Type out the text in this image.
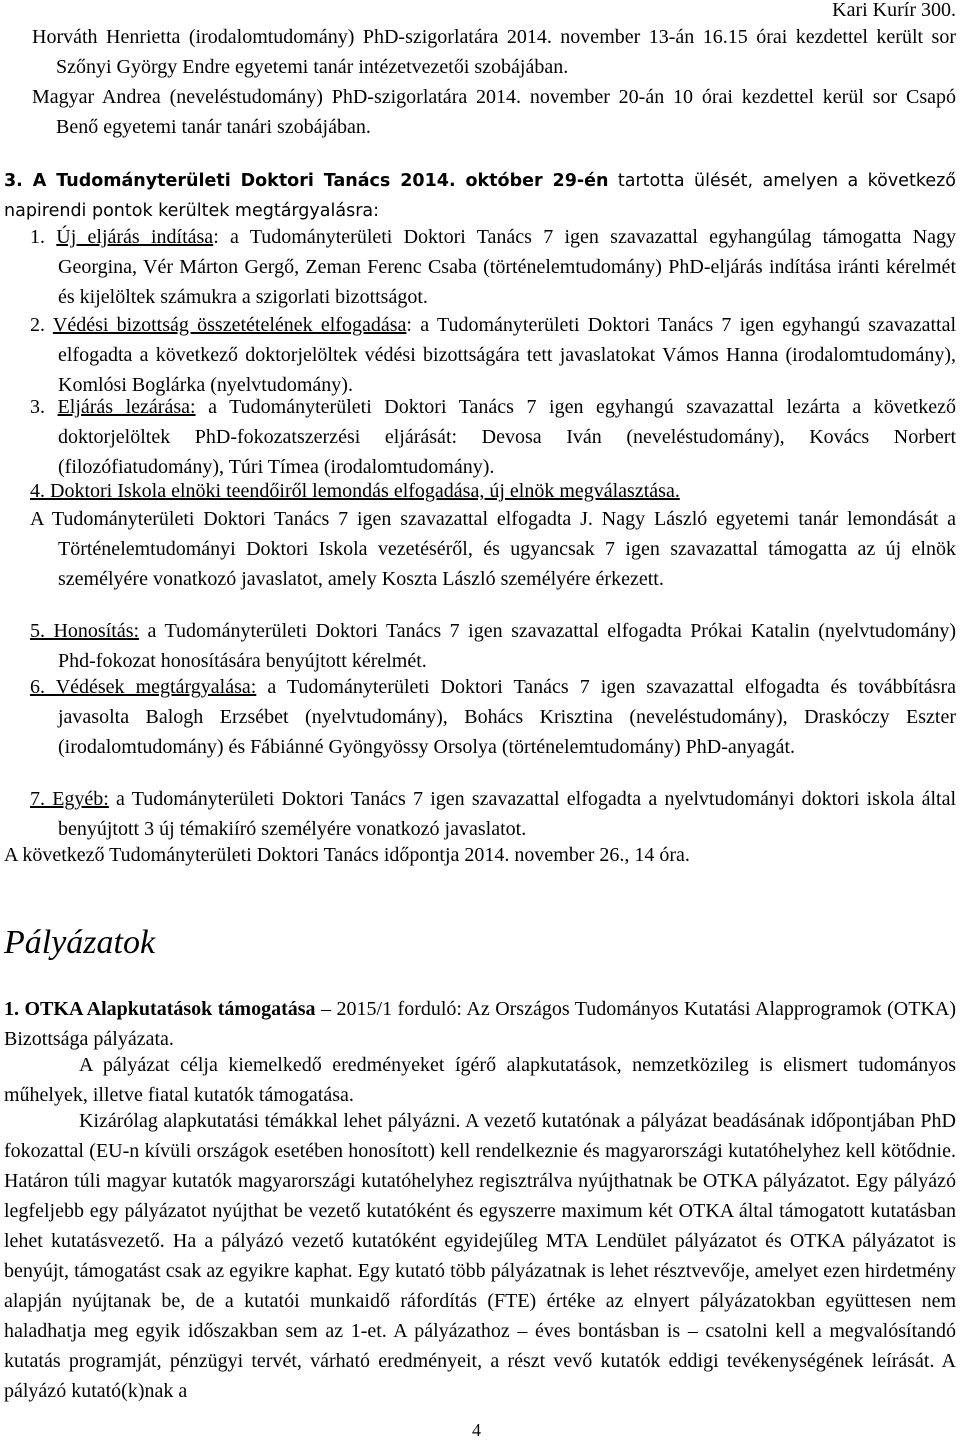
Kari Kurír 300.
Horváth Henrietta (irodalomtudomány) PhD-szigorlatára 2014. november 13-án 16.15 órai kezdettel került sor Szőnyi György Endre egyetemi tanár intézetvezetői szobájában.
Magyar Andrea (neveléstudomány) PhD-szigorlatára 2014. november 20-án 10 órai kezdettel kerül sor Csapó Benő egyetemi tanár tanári szobájában.
3. A Tudományterületi Doktori Tanács 2014. október 29-én tartotta ülését, amelyen a következő napirendi pontok kerültek megtárgyalásra:
1. Új eljárás indítása: a Tudományterületi Doktori Tanács 7 igen szavazattal egyhangúlag támogatta Nagy Georgina, Vér Márton Gergő, Zeman Ferenc Csaba (történelemtudomány) PhD-eljárás indítása iránti kérelmét és kijelöltek számukra a szigorlati bizottságot.
2. Védési bizottság összetételének elfogadása: a Tudományterületi Doktori Tanács 7 igen egyhangú szavazattal elfogadta a következő doktorjelöltek védési bizottságára tett javaslatokat Vámos Hanna (irodalomtudomány), Komlósi Boglárka (nyelvtudomány).
3. Eljárás lezárása: a Tudományterületi Doktori Tanács 7 igen egyhangú szavazattal lezárta a következő doktorjelöltek PhD-fokozatszerzési eljárását: Devosa Iván (neveléstudomány), Kovács Norbert (filozófiatudomány), Túri Tímea (irodalomtudomány).
4. Doktori Iskola elnöki teendőiről lemondás elfogadása, új elnök megválasztása.
A Tudományterületi Doktori Tanács 7 igen szavazattal elfogadta J. Nagy László egyetemi tanár lemondását a Történelemtudományi Doktori Iskola vezetéséről, és ugyancsak 7 igen szavazattal támogatta az új elnök személyére vonatkozó javaslatot, amely Koszta László személyére érkezett.
5. Honosítás: a Tudományterületi Doktori Tanács 7 igen szavazattal elfogadta Prókai Katalin (nyelvtudomány) Phd-fokozat honosítására benyújtott kérelmét.
6. Védések megtárgyalása: a Tudományterületi Doktori Tanács 7 igen szavazattal elfogadta és továbbításra javasolta Balogh Erzsébet (nyelvtudomány), Bohács Krisztina (neveléstudomány), Draskóczy Eszter (irodalomtudomány) és Fábiánné Gyöngyössy Orsolya (történelemtudomány) PhD-anyagát.
7. Egyéb: a Tudományterületi Doktori Tanács 7 igen szavazattal elfogadta a nyelvtudományi doktori iskola által benyújtott 3 új témakiíró személyére vonatkozó javaslatot.
A következő Tudományterületi Doktori Tanács időpontja 2014. november 26., 14 óra.
Pályázatok
1. OTKA Alapkutatások támogatása – 2015/1 forduló: Az Országos Tudományos Kutatási Alapprogramok (OTKA) Bizottsága pályázata.
A pályázat célja kiemelkedő eredményeket ígérő alapkutatások, nemzetközileg is elismert tudományos műhelyek, illetve fiatal kutatók támogatása.
Kizárólag alapkutatási témákkal lehet pályázni. A vezető kutatónak a pályázat beadásának időpontjában PhD fokozattal (EU-n kívüli országok esetében honosított) kell rendelkeznie és magyarországi kutatóhelyhez kell kötődnie. Határon túli magyar kutatók magyarországi kutatóhelyhez regisztrálva nyújthatnak be OTKA pályázatot. Egy pályázó legfeljebb egy pályázatot nyújthat be vezető kutatóként és egyszerre maximum két OTKA által támogatott kutatásban lehet kutatásvezető. Ha a pályázó vezető kutatóként egyidejűleg MTA Lendület pályázatot és OTKA pályázatot is benyújt, támogatást csak az egyikre kaphat. Egy kutató több pályázatnak is lehet résztvevője, amelyet ezen hirdetmény alapján nyújtanak be, de a kutatói munkaidő ráfordítás (FTE) értéke az elnyert pályázatokban együttesen nem haladhatja meg egyik időszakban sem az 1-et. A pályázathoz – éves bontásban is – csatolni kell a megvalósítandó kutatás programját, pénzügyi tervét, várható eredményeit, a részt vevő kutatók eddigi tevékenységének leírását. A pályázó kutató(k)nak a
4
